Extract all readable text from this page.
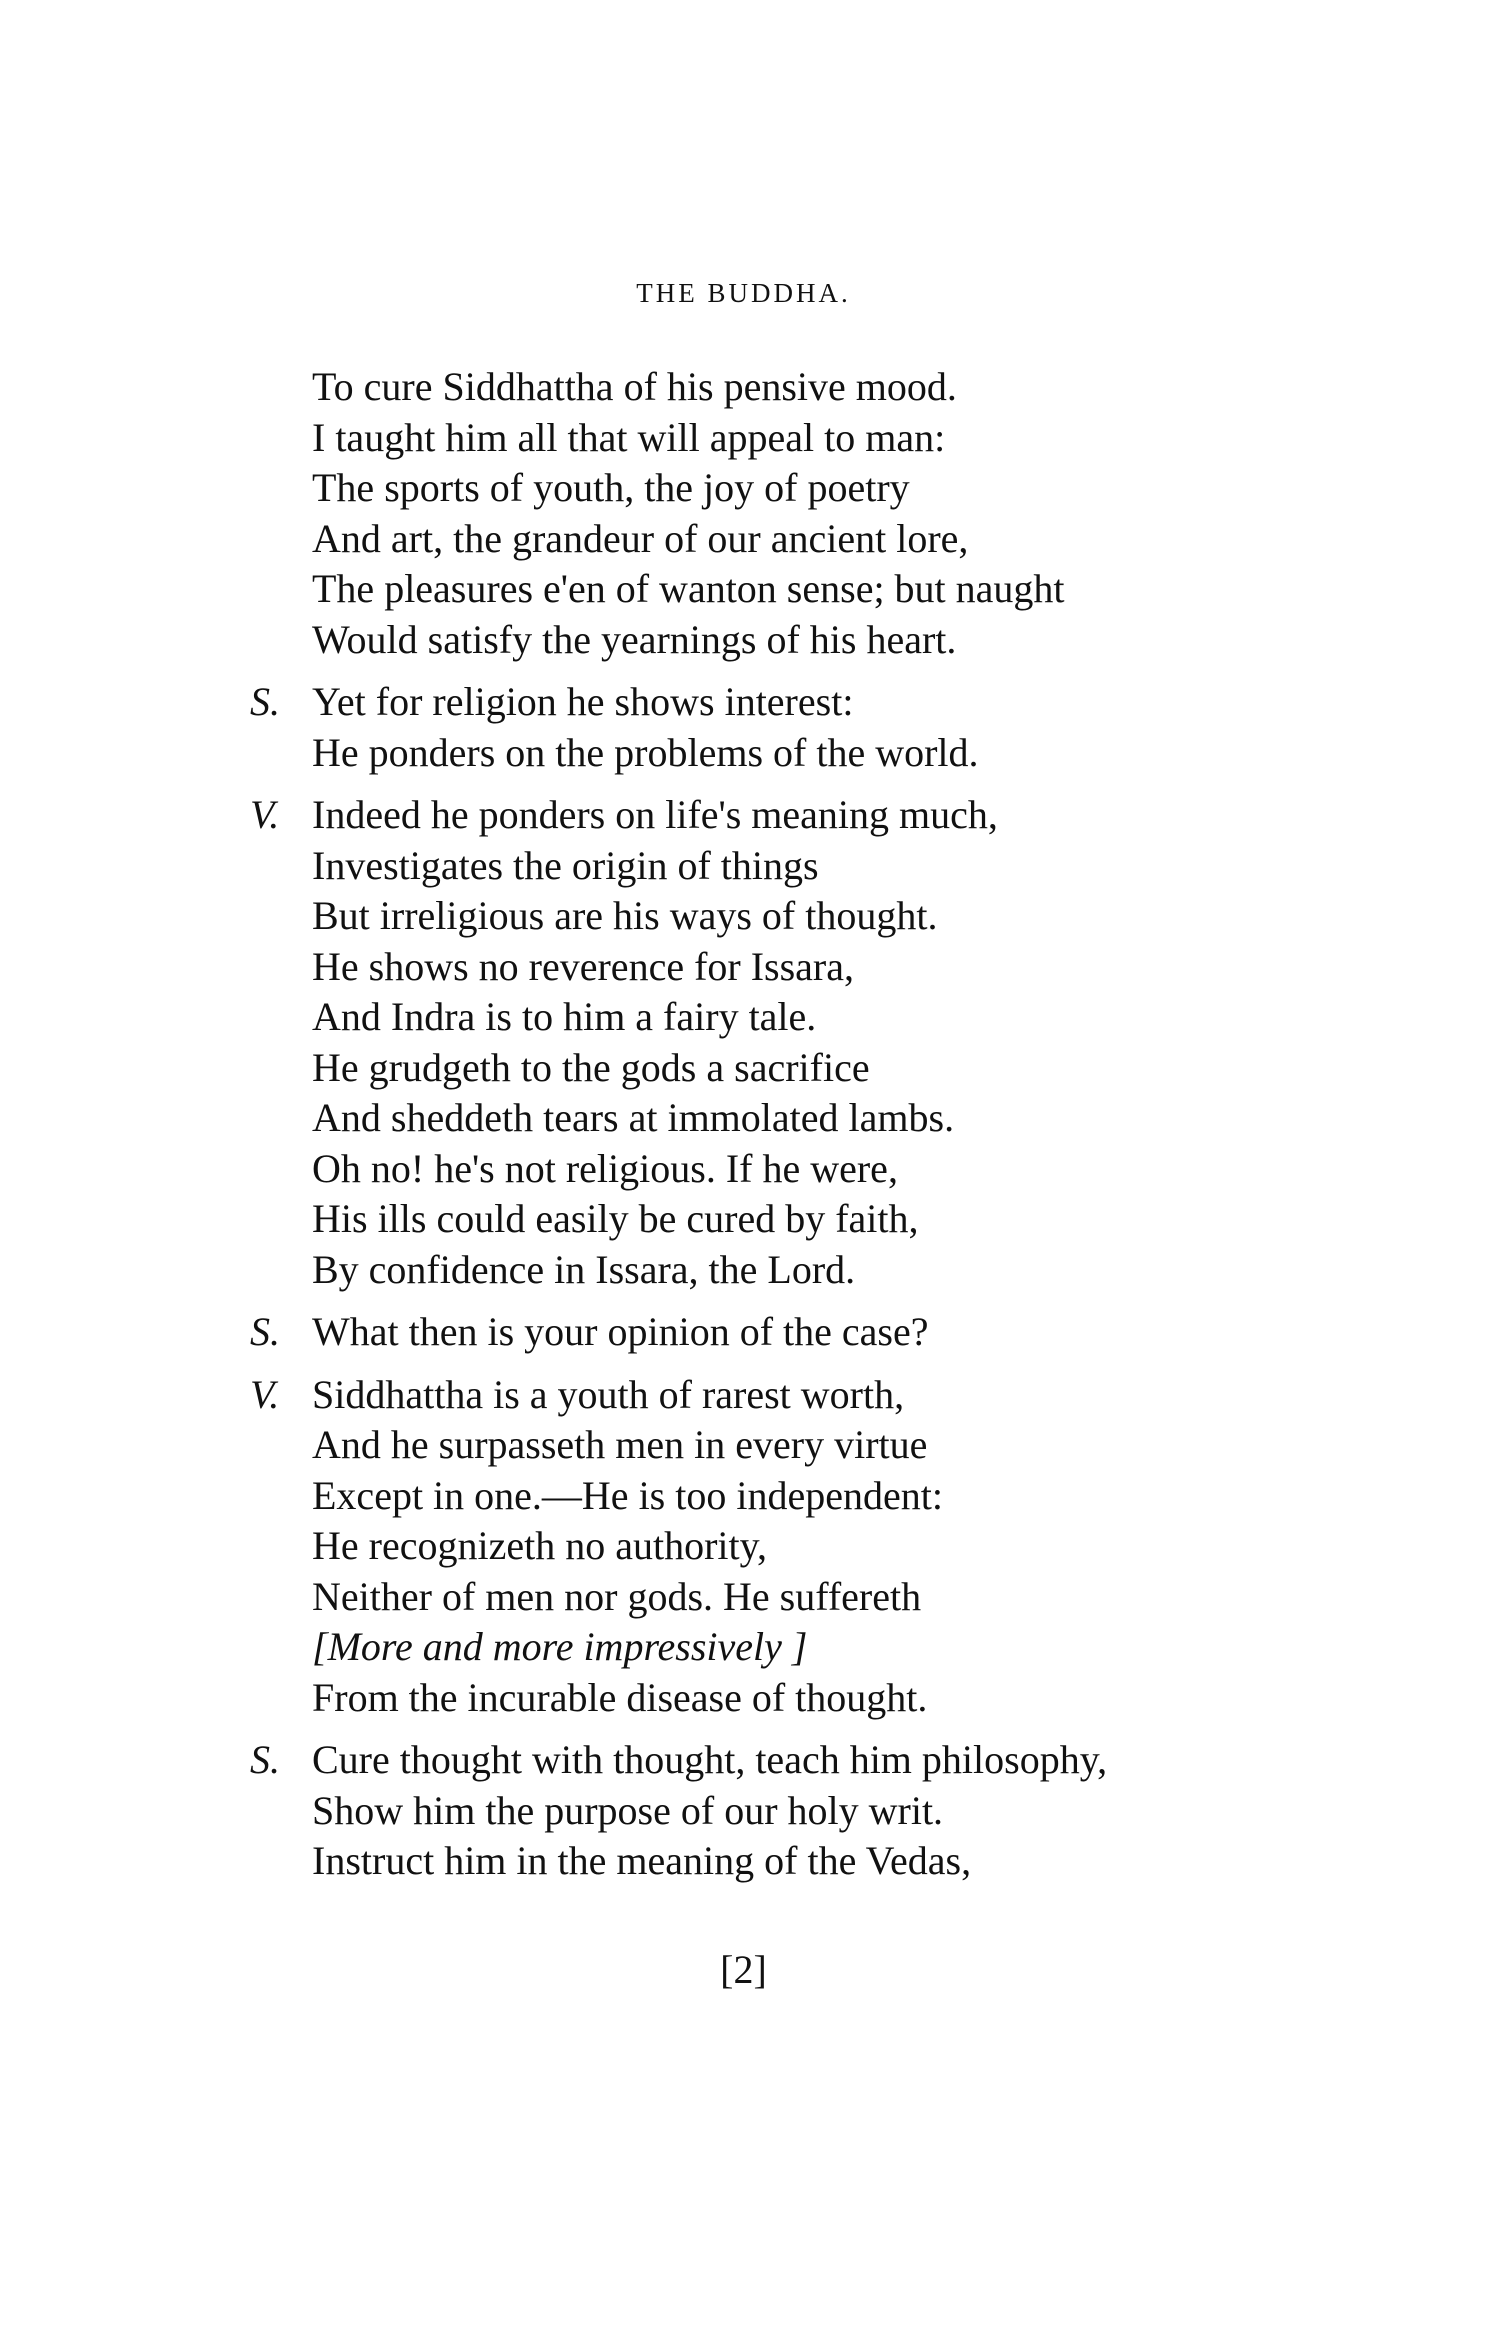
THE BUDDHA.
To cure Siddhattha of his pensive mood.
I taught him all that will appeal to man:
The sports of youth, the joy of poetry
And art, the grandeur of our ancient lore,
The pleasures e'en of wanton sense; but naught
Would satisfy the yearnings of his heart.
S. Yet for religion he shows interest:
He ponders on the problems of the world.
V. Indeed he ponders on life's meaning much,
Investigates the origin of things
But irreligious are his ways of thought.
He shows no reverence for Issara,
And Indra is to him a fairy tale.
He grudgeth to the gods a sacrifice
And sheddeth tears at immolated lambs.
Oh no! he's not religious. If he were,
His ills could easily be cured by faith,
By confidence in Issara, the Lord.
S. What then is your opinion of the case?
V. Siddhattha is a youth of rarest worth,
And he surpasseth men in every virtue
Except in one.—He is too independent:
He recognizeth no authority,
Neither of men nor gods. He suffereth
[More and more impressively ]
From the incurable disease of thought.
S. Cure thought with thought, teach him philosophy,
Show him the purpose of our holy writ.
Instruct him in the meaning of the Vedas,
[2]
